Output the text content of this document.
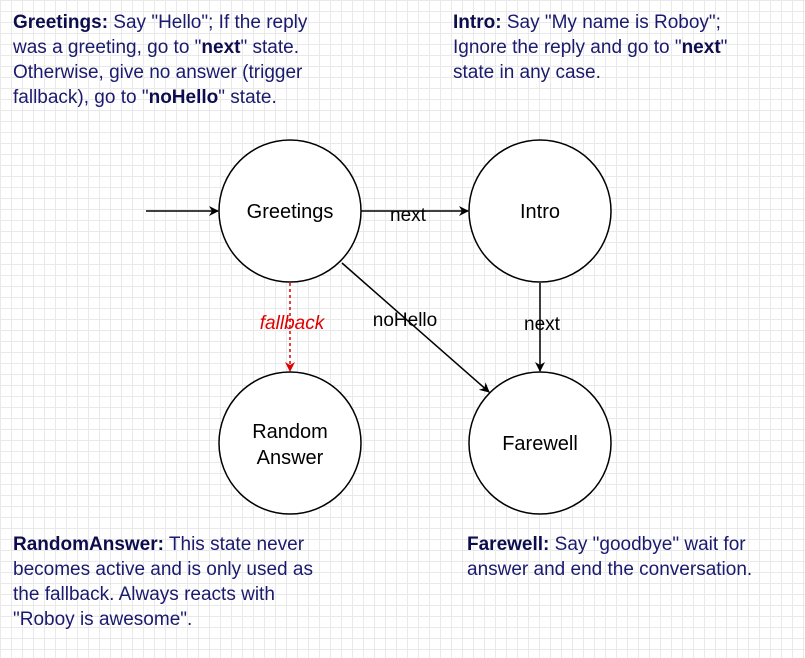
Greetings: Say "Hello"; If the reply
was a greeting, go to "next" state.
Otherwise, give no answer (trigger
fallback), go to "noHello" state.
Intro: Say "My name is Roboy";
Ignore the reply and go to "next"
state in any case.
RandomAnswer: This state never
becomes active and is only used as
the fallback. Always reacts with
"Roboy is awesome".
Farewell: Say "goodbye" wait for
answer and end the conversation.
Greetings	Intro
Random
Answer
Farewell
next
noHello	next
fallback
